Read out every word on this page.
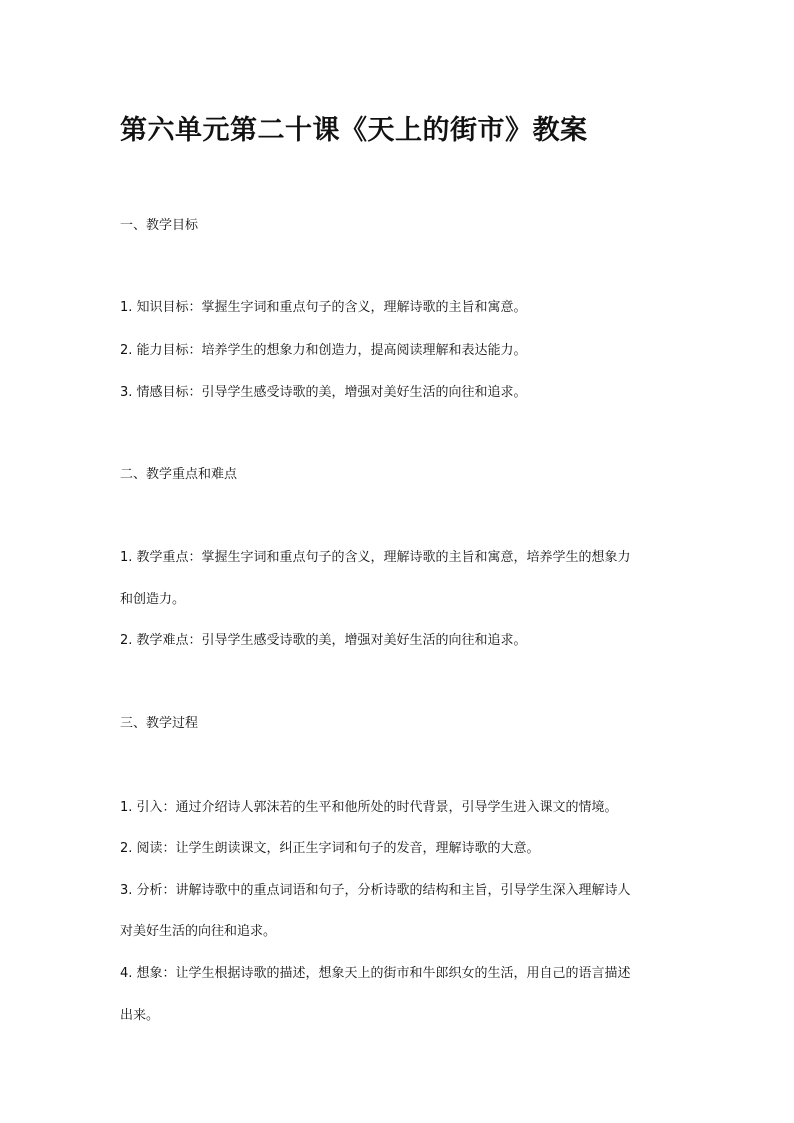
第六单元第二十课《天上的街市》教案
一、教学目标
1. 知识目标：掌握生字词和重点句子的含义，理解诗歌的主旨和寓意。
2. 能力目标：培养学生的想象力和创造力，提高阅读理解和表达能力。
3. 情感目标：引导学生感受诗歌的美，增强对美好生活的向往和追求。
二、教学重点和难点
1. 教学重点：掌握生字词和重点句子的含义，理解诗歌的主旨和寓意，培养学生的想象力
和创造力。
2. 教学难点：引导学生感受诗歌的美，增强对美好生活的向往和追求。
三、教学过程
1. 引入：通过介绍诗人郭沫若的生平和他所处的时代背景，引导学生进入课文的情境。
2. 阅读：让学生朗读课文，纠正生字词和句子的发音，理解诗歌的大意。
3. 分析：讲解诗歌中的重点词语和句子，分析诗歌的结构和主旨，引导学生深入理解诗人
对美好生活的向往和追求。
4. 想象：让学生根据诗歌的描述，想象天上的街市和牛郎织女的生活，用自己的语言描述
出来。
